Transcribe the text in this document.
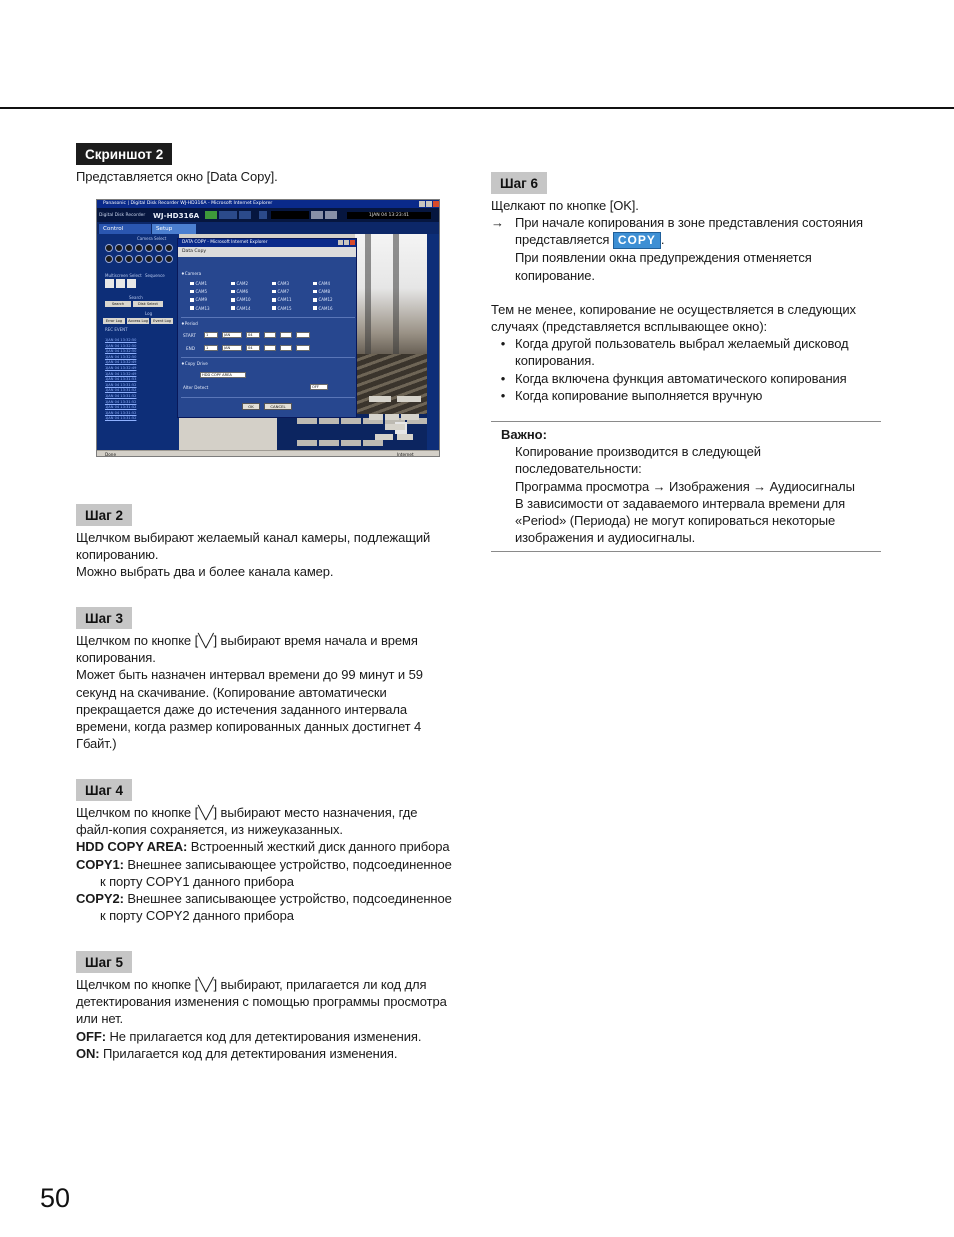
Скриншот 2

Представляется окно [Data Copy].

Шаг 2

Щелчком выбирают желаемый канал камеры, подлежащий

копированию.

Можно выбрать два и более канала камер.

Шаг 3

Щелчком по кнопке [╲╱] выбирают время начала и время

копирования.

Может быть назначен интервал времени до 99 минут и 59

секунд на скачивание. (Копирование автоматически

прекращается даже до истечения заданного интервала

времени, когда размер копированных данных достигнет 4

Гбайт.)

Шаг 4

Щелчком по кнопке [╲╱] выбирают место назначения, где

файл-копия сохраняется, из нижеуказанных.

HDD COPY AREA: Встроенный жесткий диск данного прибора

COPY1: Внешнее записывающее устройство, подсоединенное

к порту COPY1 данного прибора

COPY2: Внешнее записывающее устройство, подсоединенное

к порту COPY2 данного прибора

Шаг 5

Щелчком по кнопке [╲╱] выбирают, прилагается ли код для

детектирования изменения с помощью программы просмотра

или нет.

OFF: Не прилагается код для детектирования изменения.

ON: Прилагается код для детектирования изменения.

Panasonic | Digital Disk Recorder WJ-HD316A - Microsoft Internet Explorer
Digital Disk Recorder WJ-HD316A	1JAN 04 13:23:41
Control	Setup
Camera Select
Multiscreen Select Sequence
Search
Search	Disk Select
Log
Error Log	Access Log	Event Log
REC EVENT
1JAN 04 13:32:50
1JAN 04 13:32:50
1JAN 04 13:32:50
1JAN 04 13:32:50
1JAN 04 13:32:49
1JAN 04 13:32:49
1JAN 04 13:32:49
1JAN 04 13:31:53
1JAN 04 13:31:52
1JAN 04 13:31:52
1JAN 04 13:31:52
1JAN 04 13:31:52
1JAN 04 13:31:52
1JAN 04 13:31:52
1JAN 04 13:31:52
Done	Internet
DATA COPY - Microsoft Internet Explorer
Data Copy
♦Camera
CAM1	CAM2	CAM3	CAM4
CAM5	CAM6	CAM7	CAM8
CAM9	CAM10	CAM11	CAM12
CAM13	CAM14	CAM15	CAM16
♦Period
START	1	JAN	04
END	1	JAN	04
♦Copy Drive
HDD COPY AREA
Alter Detect	OFF
OK	CANCEL
Шаг 6

Щелкают по кнопке [OK].

→ При начале копирования в зоне представления состояния

представляется COPY .

При появлении окна предупреждения отменяется

копирование.

Тем не менее, копирование не осуществляется в следующих

случаях (представляется всплывающее окно):

• Когда другой пользователь выбрал желаемый дисковод

копирования.

• Когда включена функция автоматического копирования

• Когда копирование выполняется вручную

Важно:

Копирование производится в следующей

последовательности:

Программа просмотра → Изображения → Аудиосигналы

В зависимости от задаваемого интервала времени для

«Period» (Периода) не могут копироваться некоторые

изображения и аудиосигналы.

50
